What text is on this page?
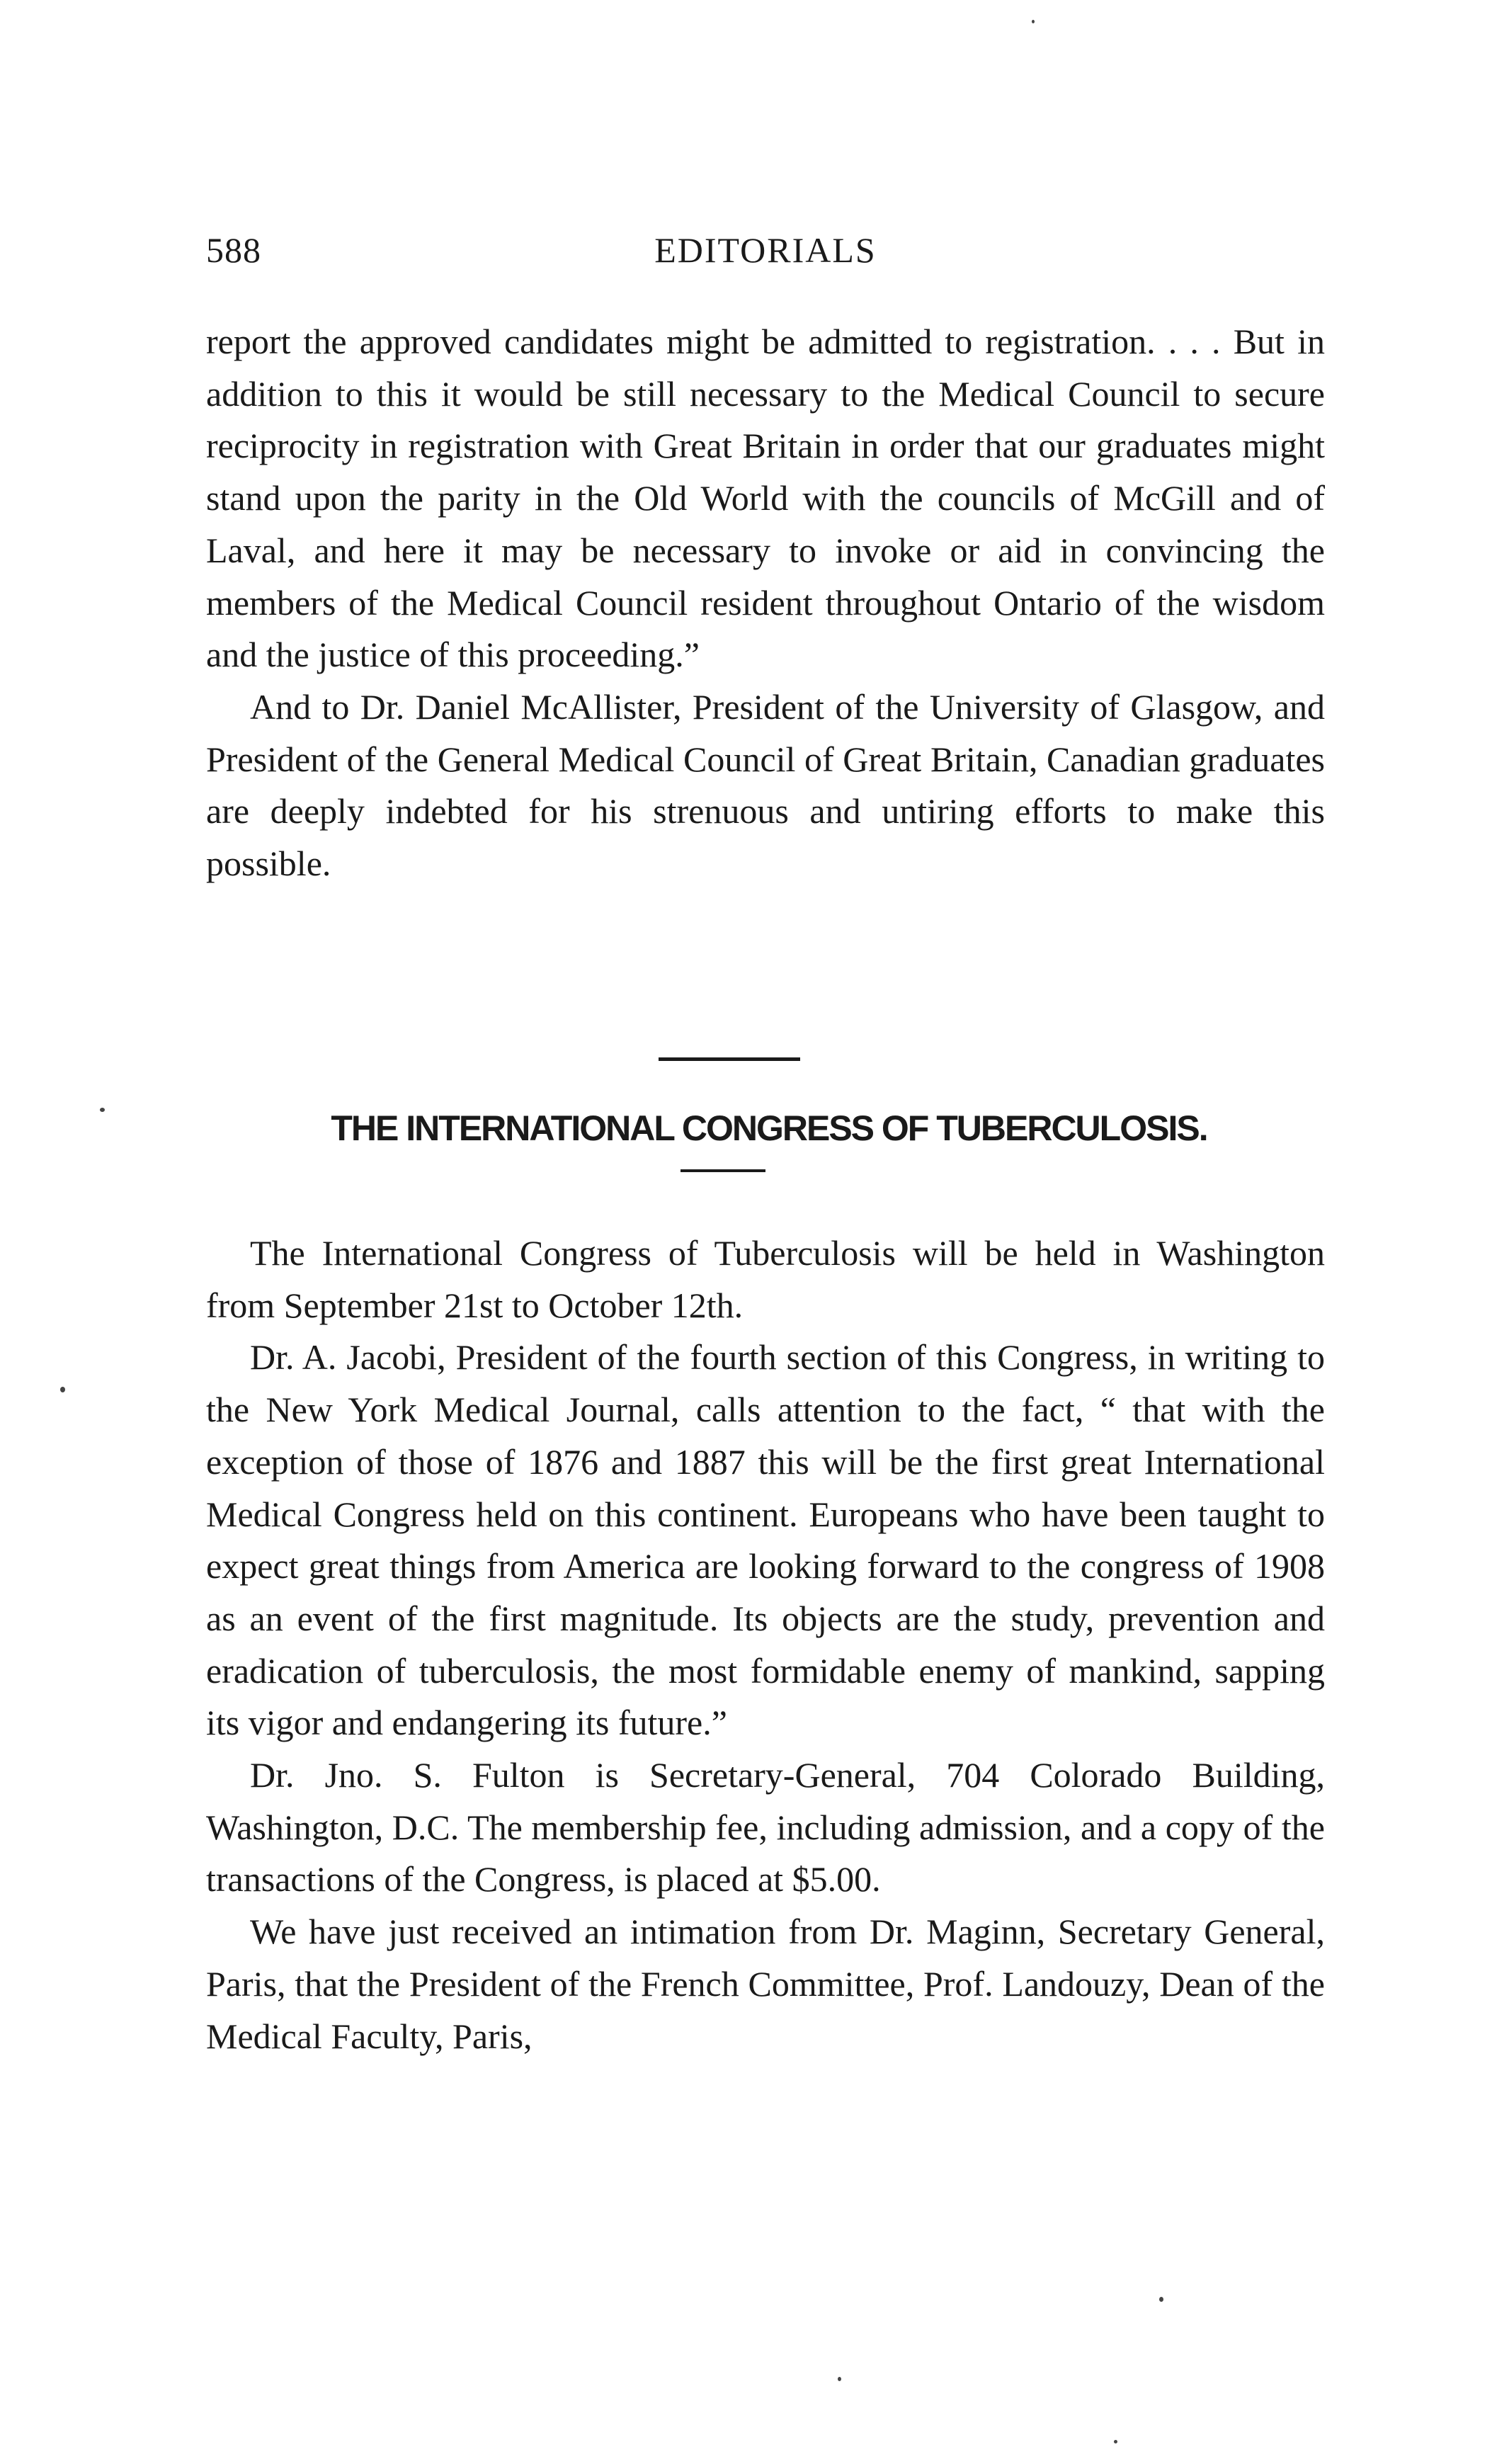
588	EDITORIALS

report the approved candidates might be admitted to registration. . . . But in addition to this it would be still necessary to the Medical Council to secure reciprocity in registration with Great Britain in order that our graduates might stand upon the parity in the Old World with the councils of McGill and of Laval, and here it may be necessary to invoke or aid in convincing the members of the Medical Council resident throughout Ontario of the wisdom and the justice of this proceeding.”

And to Dr. Daniel McAllister, President of the University of Glasgow, and President of the General Medical Council of Great Britain, Canadian graduates are deeply indebted for his strenuous and untiring efforts to make this possible.

THE INTERNATIONAL CONGRESS OF TUBERCULOSIS.

The International Congress of Tuberculosis will be held in Washington from September 21st to October 12th.

Dr. A. Jacobi, President of the fourth section of this Congress, in writing to the New York Medical Journal, calls attention to the fact, “ that with the exception of those of 1876 and 1887 this will be the first great International Medical Congress held on this continent. Europeans who have been taught to expect great things from America are looking forward to the congress of 1908 as an event of the first magnitude. Its objects are the study, prevention and eradication of tuberculosis, the most formidable enemy of mankind, sapping its vigor and endangering its future.”

Dr. Jno. S. Fulton is Secretary-General, 704 Colorado Building, Washington, D.C. The membership fee, including admission, and a copy of the transactions of the Congress, is placed at $5.00.

We have just received an intimation from Dr. Maginn, Secretary General, Paris, that the President of the French Committee, Prof. Landouzy, Dean of the Medical Faculty, Paris,
